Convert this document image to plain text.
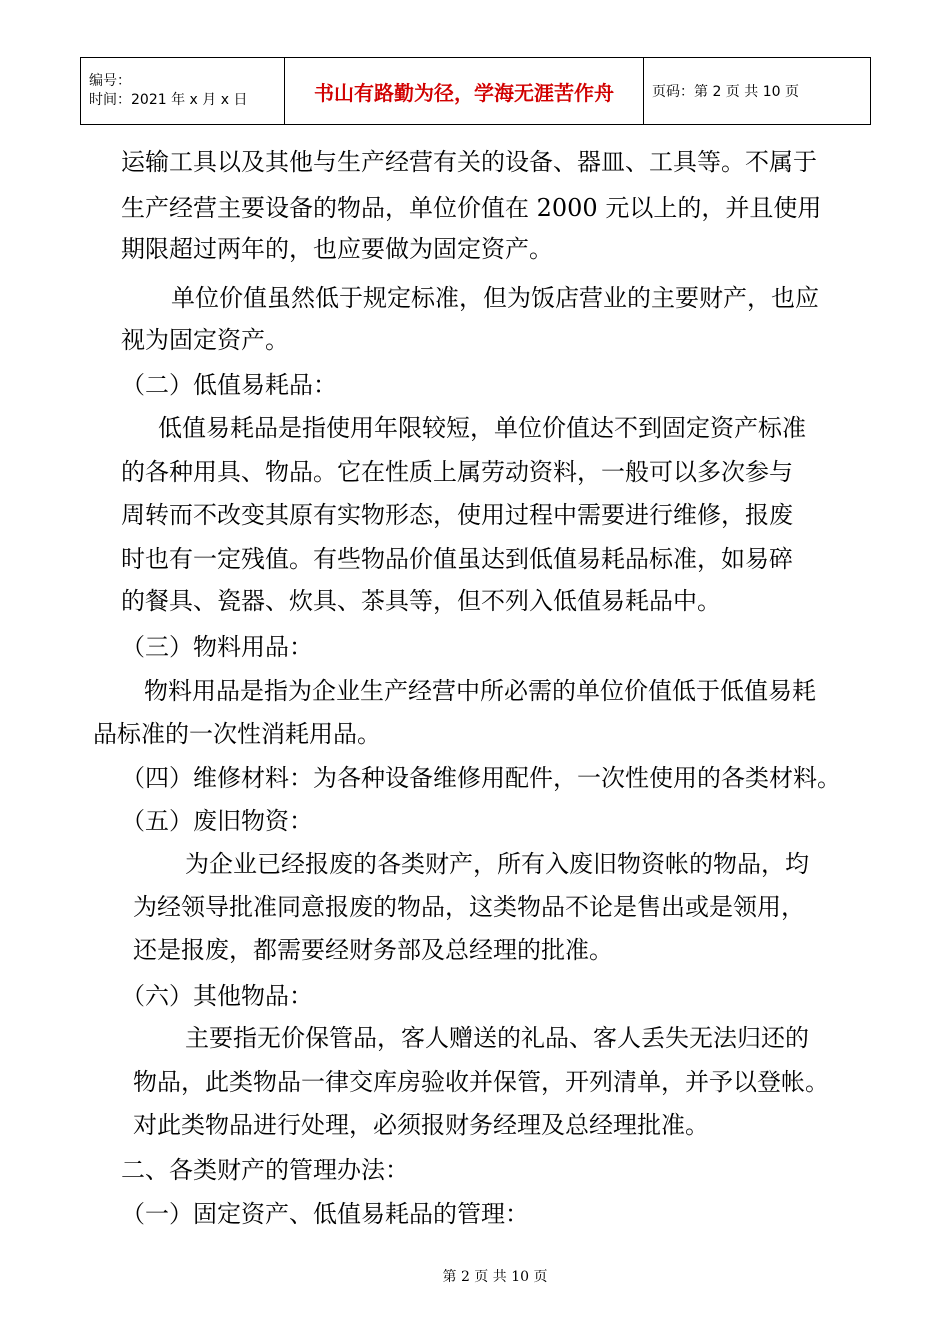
编号：
时间：2021 年 x 月 x 日	书山有路勤为径，学海无涯苦作舟	页码：第 2 页 共 10 页
运输工具以及其他与生产经营有关的设备、器皿、工具等。不属于
生产经营主要设备的物品，单位价值在 2000 元以上的，并且使用
期限超过两年的，也应要做为固定资产。
单位价值虽然低于规定标准，但为饭店营业的主要财产，也应
视为固定资产。
（二）低值易耗品：
低值易耗品是指使用年限较短，单位价值达不到固定资产标准
的各种用具、物品。它在性质上属劳动资料，一般可以多次参与
周转而不改变其原有实物形态，使用过程中需要进行维修，报废
时也有一定残值。有些物品价值虽达到低值易耗品标准，如易碎
的餐具、瓷器、炊具、茶具等，但不列入低值易耗品中。
（三）物料用品：
物料用品是指为企业生产经营中所必需的单位价值低于低值易耗
品标准的一次性消耗用品。
（四）维修材料：为各种设备维修用配件，一次性使用的各类材料。
（五）废旧物资：
为企业已经报废的各类财产，所有入废旧物资帐的物品，均
为经领导批准同意报废的物品，这类物品不论是售出或是领用，
还是报废，都需要经财务部及总经理的批准。
（六）其他物品：
主要指无价保管品，客人赠送的礼品、客人丢失无法归还的
物品，此类物品一律交库房验收并保管，开列清单，并予以登帐。
对此类物品进行处理，必须报财务经理及总经理批准。
二、各类财产的管理办法：
（一）固定资产、低值易耗品的管理：
第 2 页 共 10 页
